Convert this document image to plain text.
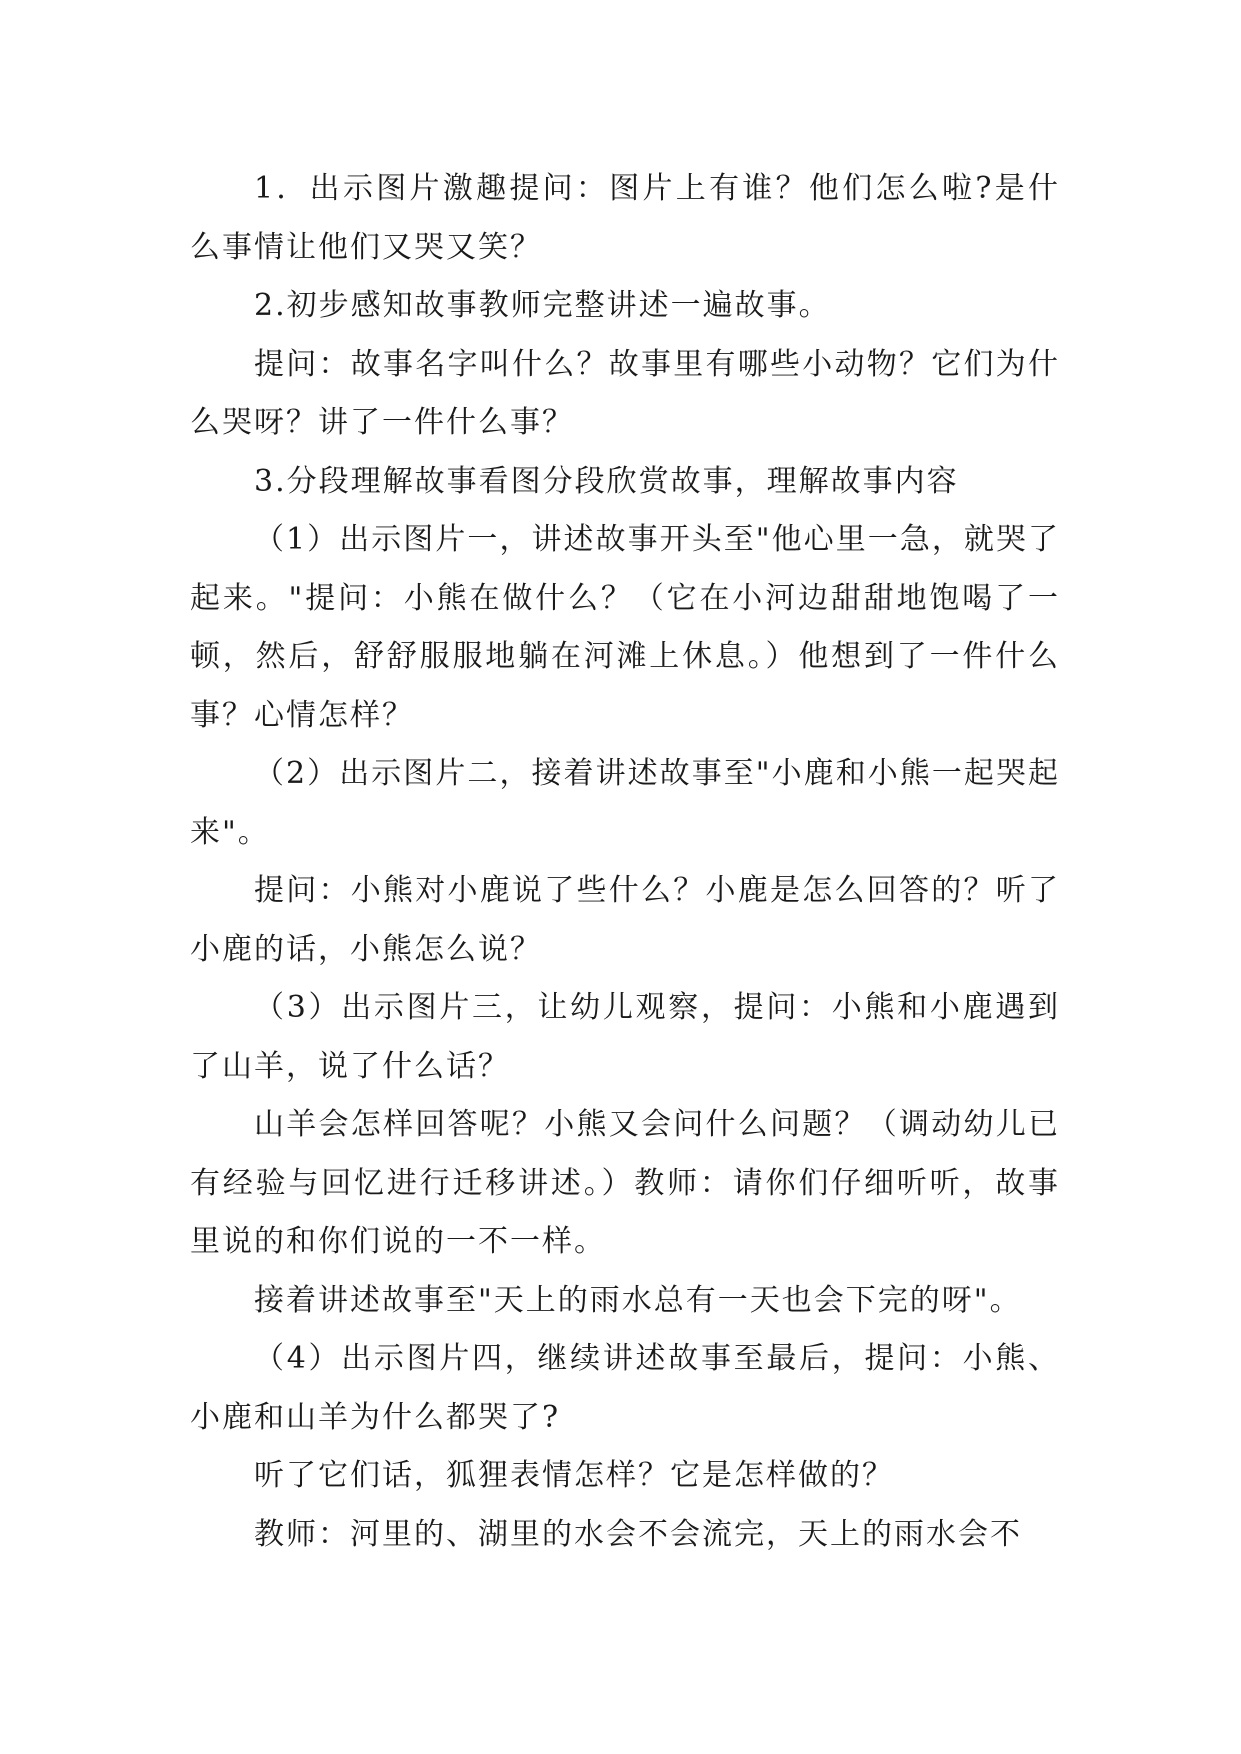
1．出示图片激趣提问：图片上有谁？他们怎么啦?是什么事情让他们又哭又笑？

2.初步感知故事教师完整讲述一遍故事。

提问：故事名字叫什么？故事里有哪些小动物？它们为什么哭呀？讲了一件什么事？

3.分段理解故事看图分段欣赏故事，理解故事内容

（1）出示图片一，讲述故事开头至"他心里一急，就哭了起来。"提问：小熊在做什么？（它在小河边甜甜地饱喝了一顿，然后，舒舒服服地躺在河滩上休息。）他想到了一件什么事？心情怎样？

（2）出示图片二，接着讲述故事至"小鹿和小熊一起哭起来"。

提问：小熊对小鹿说了些什么？小鹿是怎么回答的？听了小鹿的话，小熊怎么说？

（3）出示图片三，让幼儿观察，提问：小熊和小鹿遇到了山羊，说了什么话？

山羊会怎样回答呢？小熊又会问什么问题？（调动幼儿已有经验与回忆进行迁移讲述。）教师：请你们仔细听听，故事里说的和你们说的一不一样。

接着讲述故事至"天上的雨水总有一天也会下完的呀"。

（4）出示图片四，继续讲述故事至最后，提问：小熊、小鹿和山羊为什么都哭了?

听了它们话，狐狸表情怎样？它是怎样做的？

教师：河里的、湖里的水会不会流完，天上的雨水会不
